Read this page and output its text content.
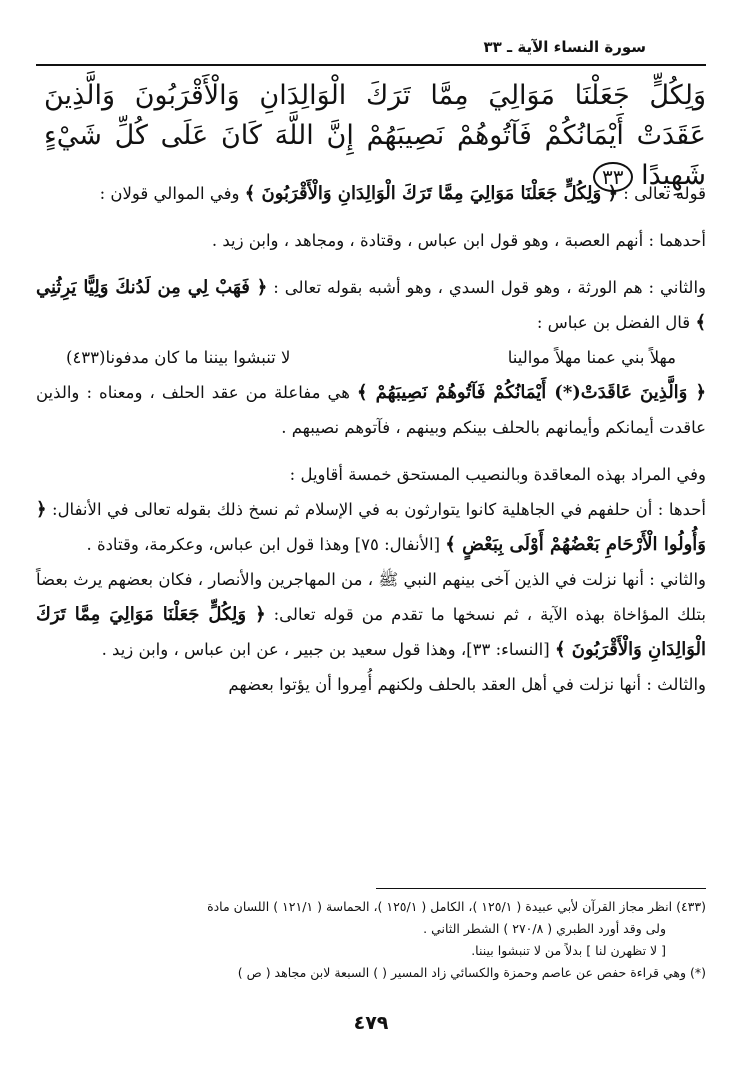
سورة النساء الآية ـ ٣٣
وَلِكُلٍّ جَعَلْنَا مَوَالِيَ مِمَّا تَرَكَ الْوَالِدَانِ وَالْأَقْرَبُونَ وَالَّذِينَ عَقَدَتْ أَيْمَانُكُمْ فَآتُوهُمْ نَصِيبَهُمْ إِنَّ اللَّهَ كَانَ عَلَى كُلِّ شَيْءٍ شَهِيدًا ٣٣

قوله تعالى : ﴿ وَلِكُلٍّ جَعَلْنَا مَوَالِيَ مِمَّا تَرَكَ الْوَالِدَانِ وَالْأَقْرَبُونَ ﴾ وفي الموالي قولان :

أحدهما : أنهم العصبة ، وهو قول ابن عباس ، وقتادة ، ومجاهد ، وابن زيد .

والثاني : هم الورثة ، وهو قول السدي ، وهو أشبه بقوله تعالى : ﴿ فَهَبْ لِي مِن لَدُنكَ وَلِيًّا يَرِثُنِي ﴾ قال الفضل بن عباس :

مهلاً بني عمنا مهلاً موالينا
لا تنبشوا بيننا ما كان مدفونا(٤٣٣)

﴿ وَالَّذِينَ عَاقَدَتْ(*) أَيْمَانُكُمْ فَآتُوهُمْ نَصِيبَهُمْ ﴾ هي مفاعلة من عقد الحلف ، ومعناه : والذين عاقدت أيمانكم وأيمانهم بالحلف بينكم وبينهم ، فآتوهم نصيبهم .

وفي المراد بهذه المعاقدة وبالنصيب المستحق خمسة أقاويل :

أحدها : أن حلفهم في الجاهلية كانوا يتوارثون به في الإسلام ثم نسخ ذلك بقوله تعالى في الأنفال: ﴿ وَأُولُوا الْأَرْحَامِ بَعْضُهُمْ أَوْلَى بِبَعْضٍ ﴾ [الأنفال: ٧٥] وهذا قول ابن عباس، وعكرمة، وقتادة .

والثاني : أنها نزلت في الذين آخى بينهم النبي ﷺ ، من المهاجرين والأنصار ، فكان بعضهم يرث بعضاً بتلك المؤاخاة بهذه الآية ، ثم نسخها ما تقدم من قوله تعالى: ﴿ وَلِكُلٍّ جَعَلْنَا مَوَالِيَ مِمَّا تَرَكَ الْوَالِدَانِ وَالْأَقْرَبُونَ ﴾ [النساء: ٣٣]، وهذا قول سعيد بن جبير ، عن ابن عباس ، وابن زيد .

والثالث : أنها نزلت في أهل العقد بالحلف ولكنهم أُمِروا أن يؤتوا بعضهم

(٤٣٣) انظر مجاز القرآن لأبي عبيدة ( ١٢٥/١ )، الكامل ( ١٢٥/١ )، الحماسة ( ١٢١/١ ) اللسان مادة

ولى وقد أورد الطبري ( ٢٧٠/٨ ) الشطر الثاني .

[ لا تظهرن لنا ] بدلاً من لا تنبشوا بيننا.

(*) وهي قراءة حفص عن عاصم وحمزة والكسائي زاد المسير ( ) السبعة لابن مجاهد ( ص )

٤٧٩
